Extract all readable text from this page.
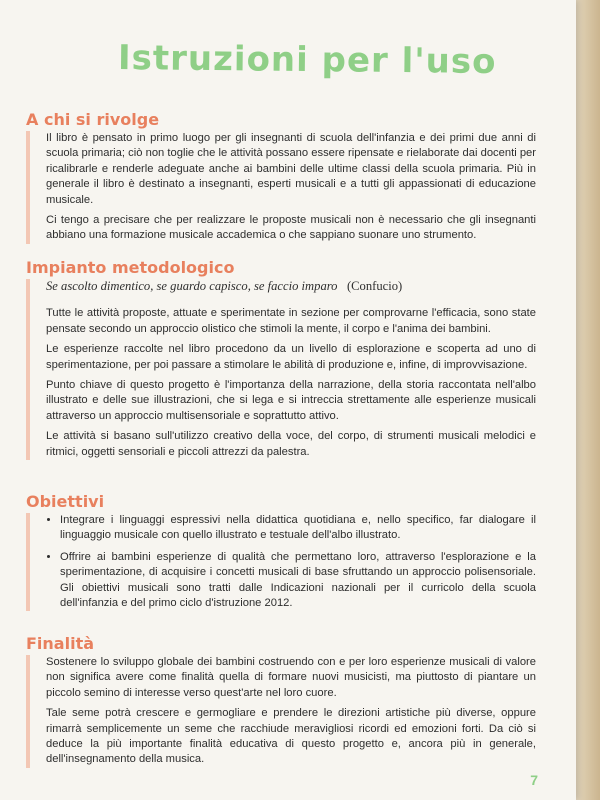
Istruzioni per l'uso
A chi si rivolge

Il libro è pensato in primo luogo per gli insegnanti di scuola dell'infanzia e dei primi due anni di scuola primaria; ciò non toglie che le attività possano essere ripensate e rielaborate dai docenti per ricalibrarle e renderle adeguate anche ai bambini delle ultime classi della scuola primaria. Più in generale il libro è destinato a insegnanti, esperti musicali e a tutti gli appassionati di educazione musicale.

Ci tengo a precisare che per realizzare le proposte musicali non è necessario che gli insegnanti abbiano una formazione musicale accademica o che sappiano suonare uno strumento.

Impianto metodologico
Se ascolto dimentico, se guardo capisco, se faccio imparo (Confucio)

Tutte le attività proposte, attuate e sperimentate in sezione per comprovarne l'efficacia, sono state pensate secondo un approccio olistico che stimoli la mente, il corpo e l'anima dei bambini.

Le esperienze raccolte nel libro procedono da un livello di esplorazione e scoperta ad uno di sperimentazione, per poi passare a stimolare le abilità di produzione e, infine, di improvvisazione.

Punto chiave di questo progetto è l'importanza della narrazione, della storia raccontata nell'albo illustrato e delle sue illustrazioni, che si lega e si intreccia strettamente alle esperienze musicali attraverso un approccio multisensoriale e soprattutto attivo.

Le attività si basano sull'utilizzo creativo della voce, del corpo, di strumenti musicali melodici e ritmici, oggetti sensoriali e piccoli attrezzi da palestra.

Obiettivi
• Integrare i linguaggi espressivi nella didattica quotidiana e, nello specifico, far dialogare il linguaggio musicale con quello illustrato e testuale dell'albo illustrato.
• Offrire ai bambini esperienze di qualità che permettano loro, attraverso l'esplorazione e la sperimentazione, di acquisire i concetti musicali di base sfruttando un approccio polisensoriale. Gli obiettivi musicali sono tratti dalle Indicazioni nazionali per il curricolo della scuola dell'infanzia e del primo ciclo d'istruzione 2012.
Finalità

Sostenere lo sviluppo globale dei bambini costruendo con e per loro esperienze musicali di valore non significa avere come finalità quella di formare nuovi musicisti, ma piuttosto di piantare un piccolo semino di interesse verso quest'arte nel loro cuore.

Tale seme potrà crescere e germogliare e prendere le direzioni artistiche più diverse, oppure rimarrà semplicemente un seme che racchiude meravigliosi ricordi ed emozioni forti. Da ciò si deduce la più importante finalità educativa di questo progetto e, ancora più in generale, dell'insegnamento della musica.

7
